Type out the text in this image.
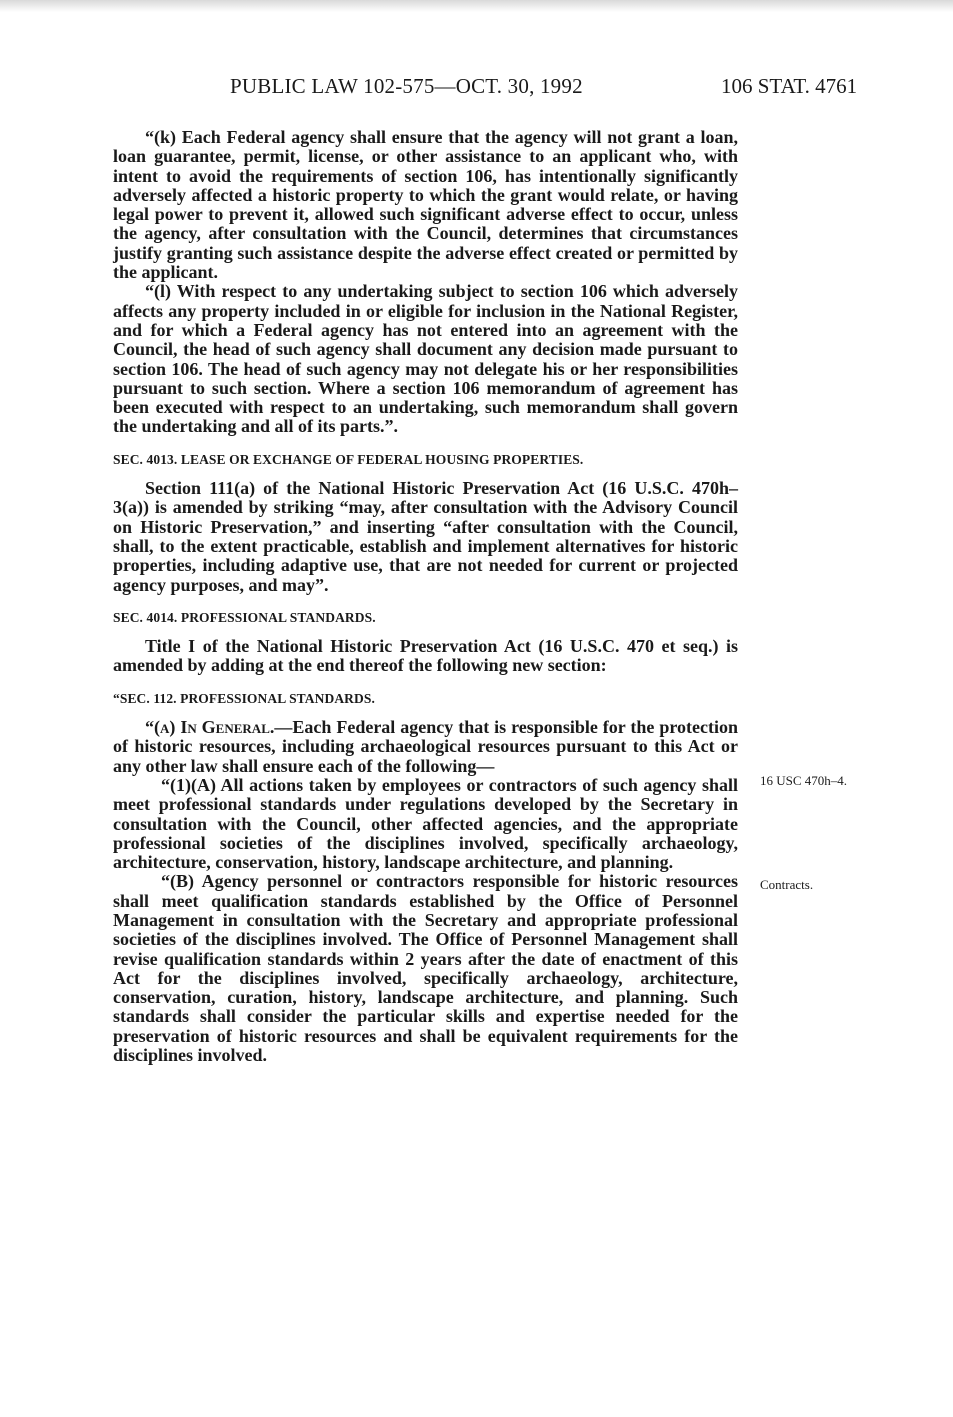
PUBLIC LAW 102-575—OCT. 30, 1992	106 STAT. 4761

“(k) Each Federal agency shall ensure that the agency will not grant a loan, loan guarantee, permit, license, or other assistance to an applicant who, with intent to avoid the requirements of section 106, has intentionally significantly adversely affected a historic property to which the grant would relate, or having legal power to prevent it, allowed such significant adverse effect to occur, unless the agency, after consultation with the Council, determines that circumstances justify granting such assistance despite the adverse effect created or permitted by the applicant.

“(l) With respect to any undertaking subject to section 106 which adversely affects any property included in or eligible for inclusion in the National Register, and for which a Federal agency has not entered into an agreement with the Council, the head of such agency shall document any decision made pursuant to section 106. The head of such agency may not delegate his or her responsibilities pursuant to such section. Where a section 106 memorandum of agreement has been executed with respect to an undertaking, such memorandum shall govern the undertaking and all of its parts.”.

SEC. 4013. LEASE OR EXCHANGE OF FEDERAL HOUSING PROPERTIES.

Section 111(a) of the National Historic Preservation Act (16 U.S.C. 470h–3(a)) is amended by striking “may, after consultation with the Advisory Council on Historic Preservation,” and inserting “after consultation with the Council, shall, to the extent practicable, establish and implement alternatives for historic properties, including adaptive use, that are not needed for current or projected agency purposes, and may”.

SEC. 4014. PROFESSIONAL STANDARDS.

Title I of the National Historic Preservation Act (16 U.S.C. 470 et seq.) is amended by adding at the end thereof the following new section:

“SEC. 112. PROFESSIONAL STANDARDS.

“(a) In General.—Each Federal agency that is responsible for the protection of historic resources, including archaeological resources pursuant to this Act or any other law shall ensure each of the following—

“(1)(A) All actions taken by employees or contractors of such agency shall meet professional standards under regulations developed by the Secretary in consultation with the Council, other affected agencies, and the appropriate professional societies of the disciplines involved, specifically archaeology, architecture, conservation, history, landscape architecture, and planning.

“(B) Agency personnel or contractors responsible for historic resources shall meet qualification standards established by the Office of Personnel Management in consultation with the Secretary and appropriate professional societies of the disciplines involved. The Office of Personnel Management shall revise qualification standards within 2 years after the date of enactment of this Act for the disciplines involved, specifically archaeology, architecture, conservation, curation, history, landscape architecture, and planning. Such standards shall consider the particular skills and expertise needed for the preservation of historic resources and shall be equivalent requirements for the disciplines involved.

16 USC 470h–4.
Contracts.
